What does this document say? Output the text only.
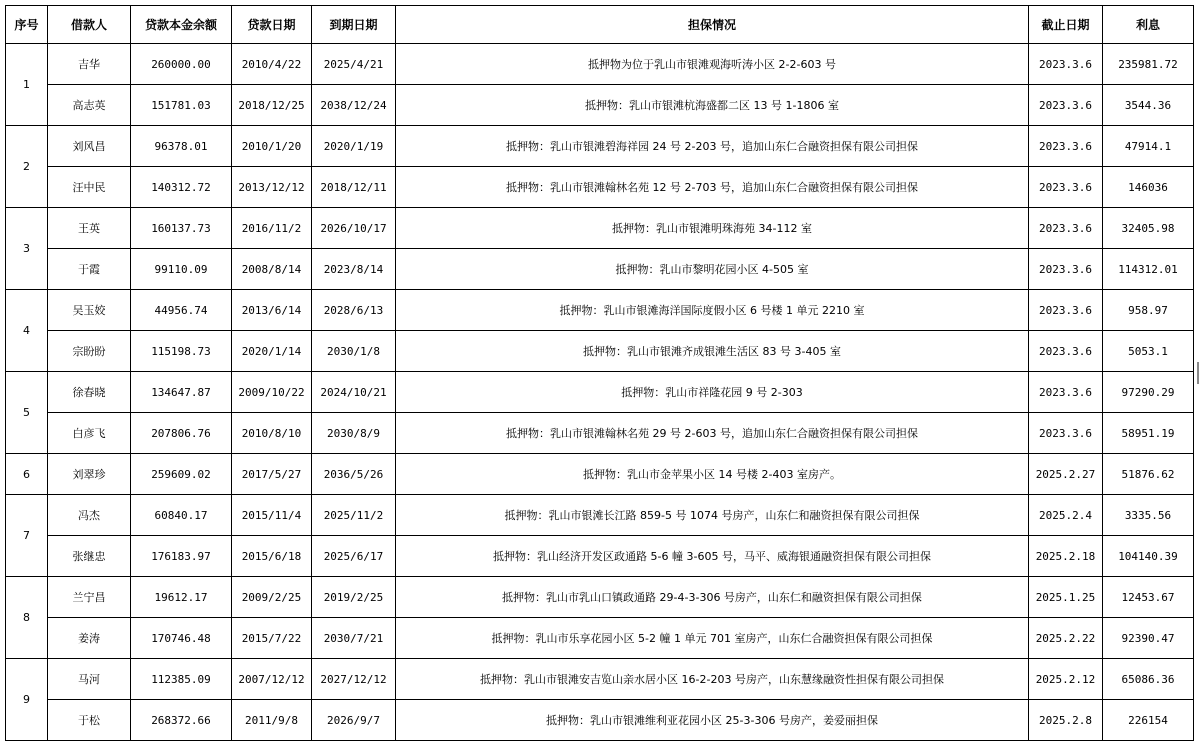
序号	借款人	贷款本金余额	贷款日期	到期日期	担保情况	截止日期	利息
1	吉华	260000.00	2010/4/22	2025/4/21	抵押物为位于乳山市银滩观海听涛小区 2-2-603 号	2023.3.6	235981.72
	高志英	151781.03	2018/12/25	2038/12/24	抵押物：乳山市银滩杭海盛都二区 13 号 1-1806 室	2023.3.6	3544.36
2	刘风昌	96378.01	2010/1/20	2020/1/19	抵押物：乳山市银滩碧海祥园 24 号 2-203 号，追加山东仁合融资担保有限公司担保	2023.3.6	47914.1
	汪中民	140312.72	2013/12/12	2018/12/11	抵押物：乳山市银滩翰林名苑 12 号 2-703 号，追加山东仁合融资担保有限公司担保	2023.3.6	146036
3	王英	160137.73	2016/11/2	2026/10/17	抵押物：乳山市银滩明珠海苑 34-112 室	2023.3.6	32405.98
	于霞	99110.09	2008/8/14	2023/8/14	抵押物：乳山市黎明花园小区 4-505 室	2023.3.6	114312.01
4	吴玉姣	44956.74	2013/6/14	2028/6/13	抵押物：乳山市银滩海洋国际度假小区 6 号楼 1 单元 2210 室	2023.3.6	958.97
	宗盼盼	115198.73	2020/1/14	2030/1/8	抵押物：乳山市银滩齐成银滩生活区 83 号 3-405 室	2023.3.6	5053.1
5	徐春晓	134647.87	2009/10/22	2024/10/21	抵押物：乳山市祥隆花园 9 号 2-303	2023.3.6	97290.29
	白彦飞	207806.76	2010/8/10	2030/8/9	抵押物：乳山市银滩翰林名苑 29 号 2-603 号，追加山东仁合融资担保有限公司担保	2023.3.6	58951.19
6	刘翠珍	259609.02	2017/5/27	2036/5/26	抵押物：乳山市金苹果小区 14 号楼 2-403 室房产。	2025.2.27	51876.62
7	冯杰	60840.17	2015/11/4	2025/11/2	抵押物：乳山市银滩长江路 859-5 号 1074 号房产，山东仁和融资担保有限公司担保	2025.2.4	3335.56
	张继忠	176183.97	2015/6/18	2025/6/17	抵押物：乳山经济开发区政通路 5-6 幢 3-605 号，马平、威海银通融资担保有限公司担保	2025.2.18	104140.39
8	兰宁昌	19612.17	2009/2/25	2019/2/25	抵押物：乳山市乳山口镇政通路 29-4-3-306 号房产，山东仁和融资担保有限公司担保	2025.1.25	12453.67
	姜涛	170746.48	2015/7/22	2030/7/21	抵押物：乳山市乐享花园小区 5-2 幢 1 单元 701 室房产，山东仁合融资担保有限公司担保	2025.2.22	92390.47
9	马河	112385.09	2007/12/12	2027/12/12	抵押物：乳山市银滩安吉览山亲水居小区 16-2-203 号房产，山东慧缘融资性担保有限公司担保	2025.2.12	65086.36
	于松	268372.66	2011/9/8	2026/9/7	抵押物：乳山市银滩维利亚花园小区 25-3-306 号房产，姜爱丽担保	2025.2.8	226154
